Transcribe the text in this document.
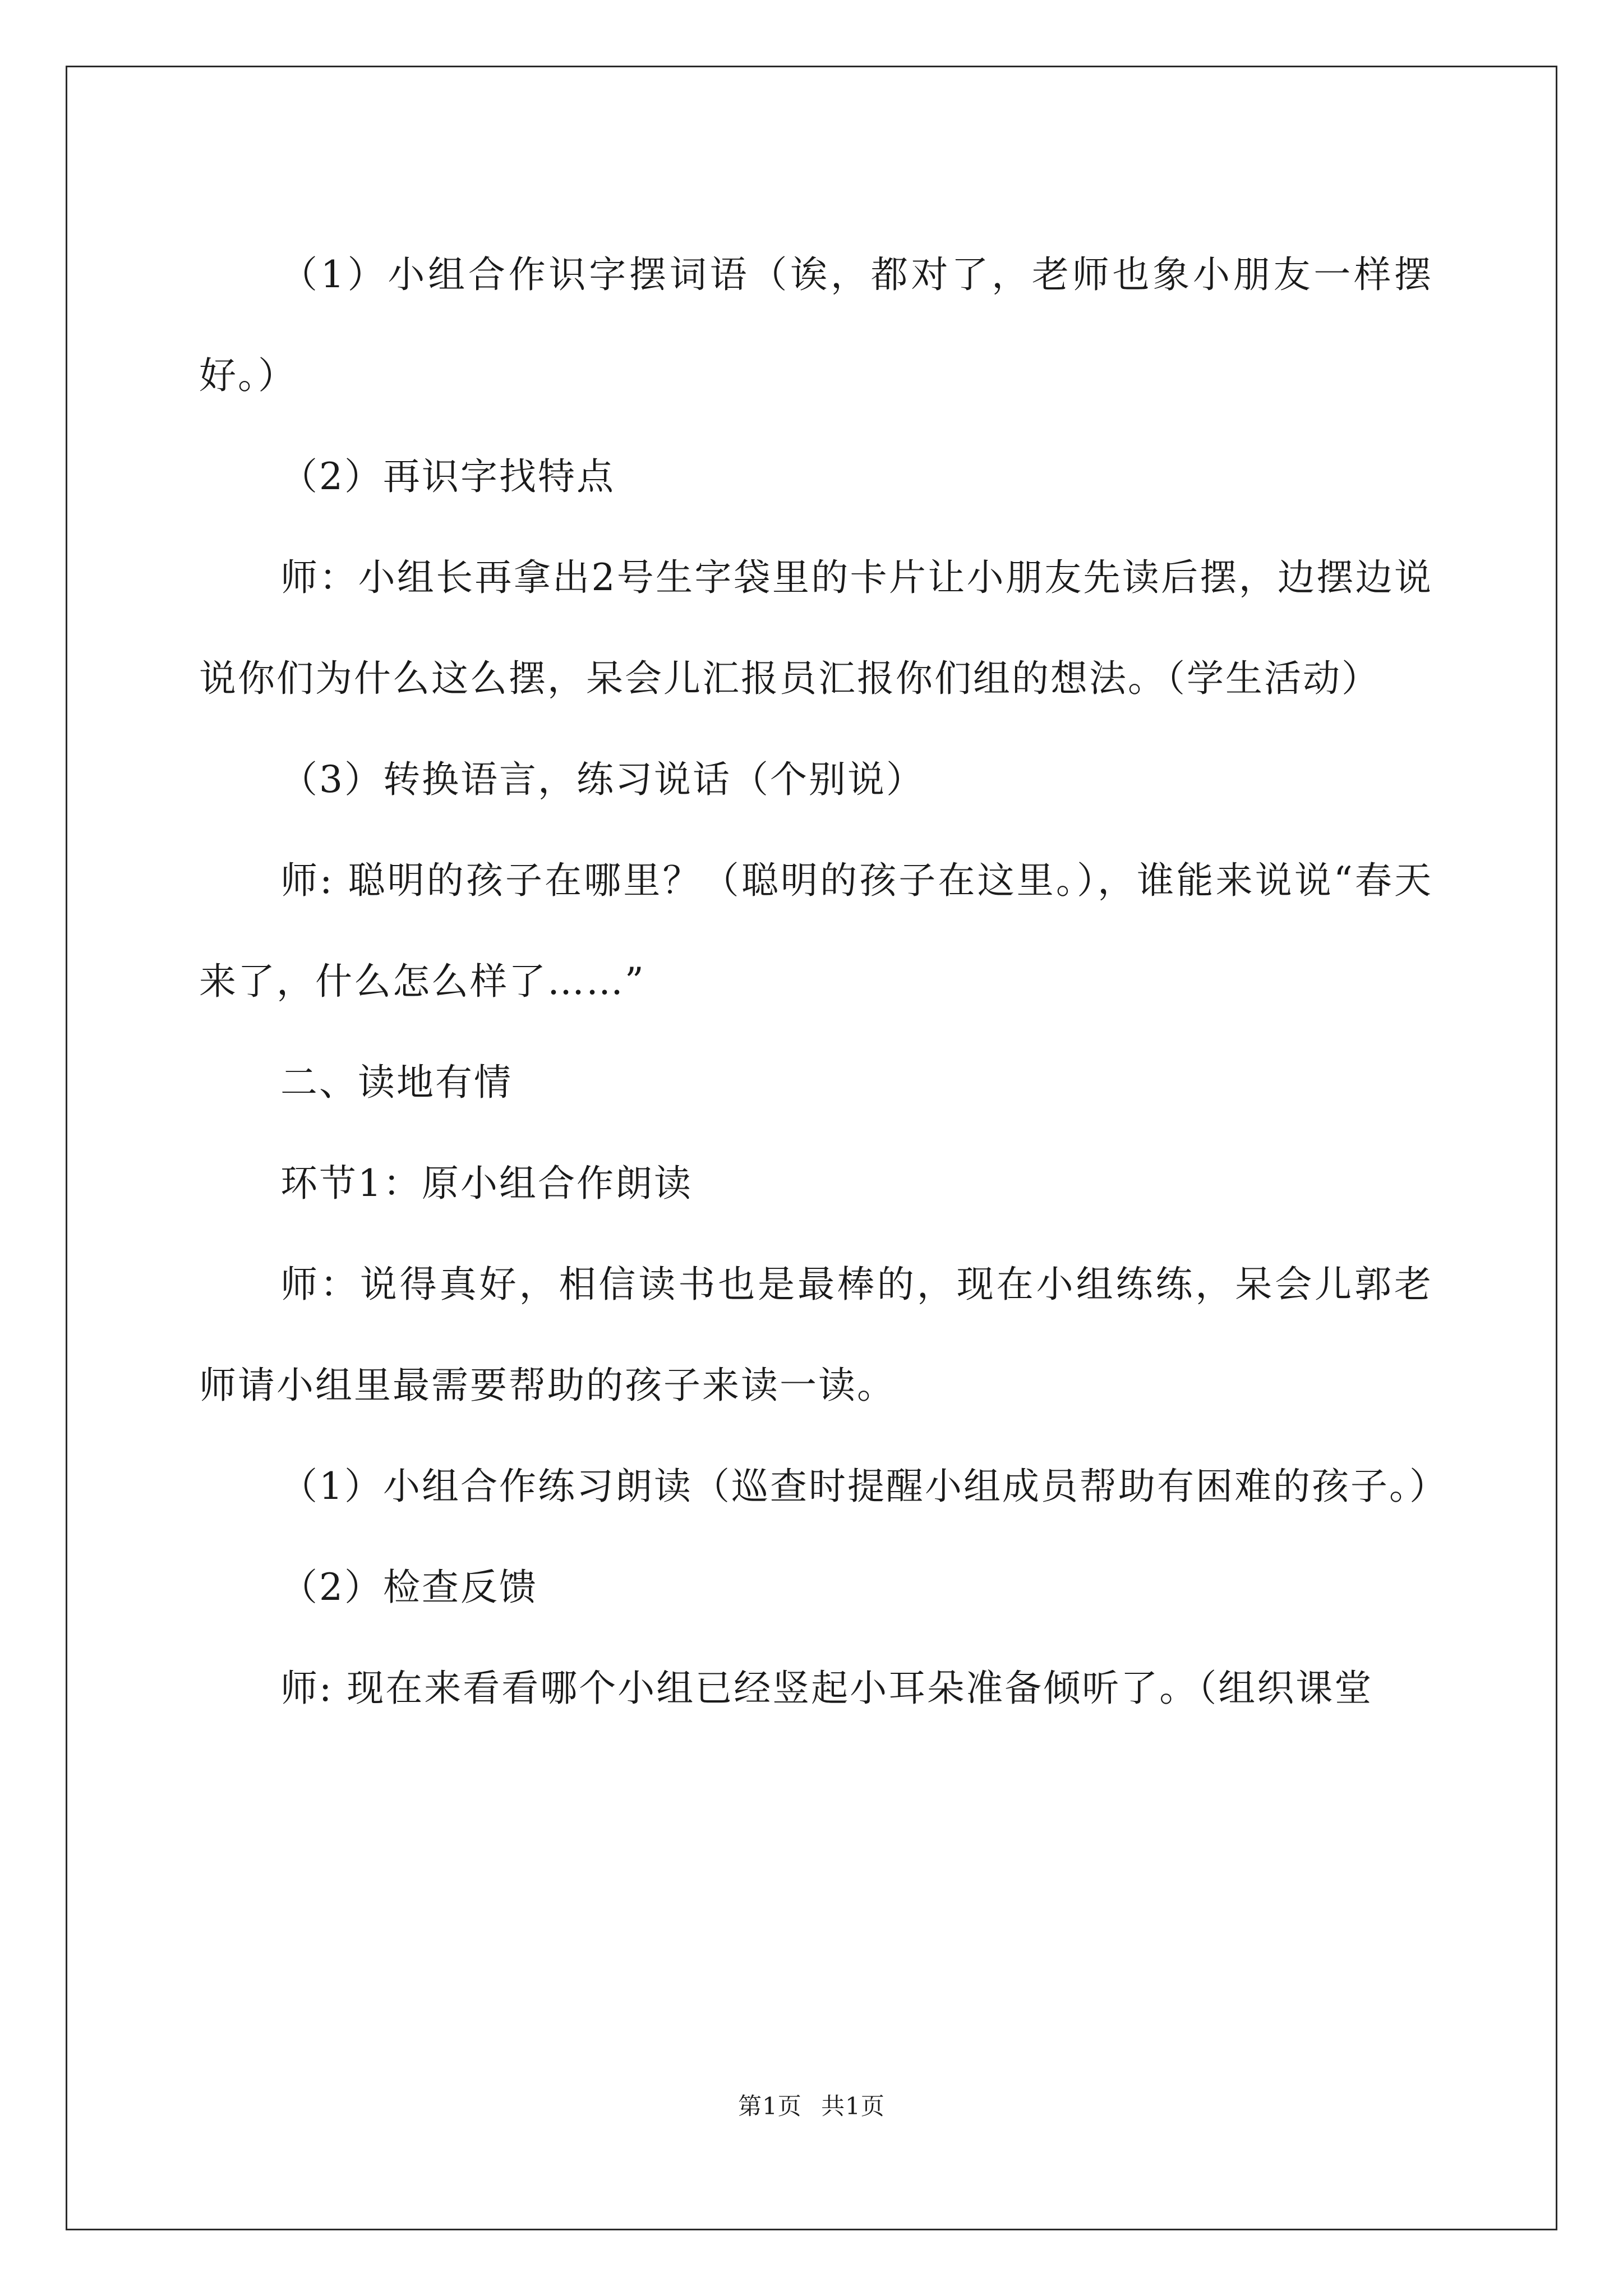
（1）小组合作识字摆词语（诶，都对了，老师也象小朋友一样摆好。）

（2）再识字找特点

师：小组长再拿出2号生字袋里的卡片让小朋友先读后摆，边摆边说说你们为什么这么摆，呆会儿汇报员汇报你们组的想法。（学生活动）

（3）转换语言，练习说话（个别说）

师: 聪明的孩子在哪里？（聪明的孩子在这里。），谁能来说说“春天来了，什么怎么样了……”

二、读地有情

环节1：原小组合作朗读

师：说得真好，相信读书也是最棒的，现在小组练练，呆会儿郭老师请小组里最需要帮助的孩子来读一读。

（1）小组合作练习朗读（巡查时提醒小组成员帮助有困难的孩子。）

（2）检查反馈

师: 现在来看看哪个小组已经竖起小耳朵准备倾听了。（组织课堂

第1页 共1页
